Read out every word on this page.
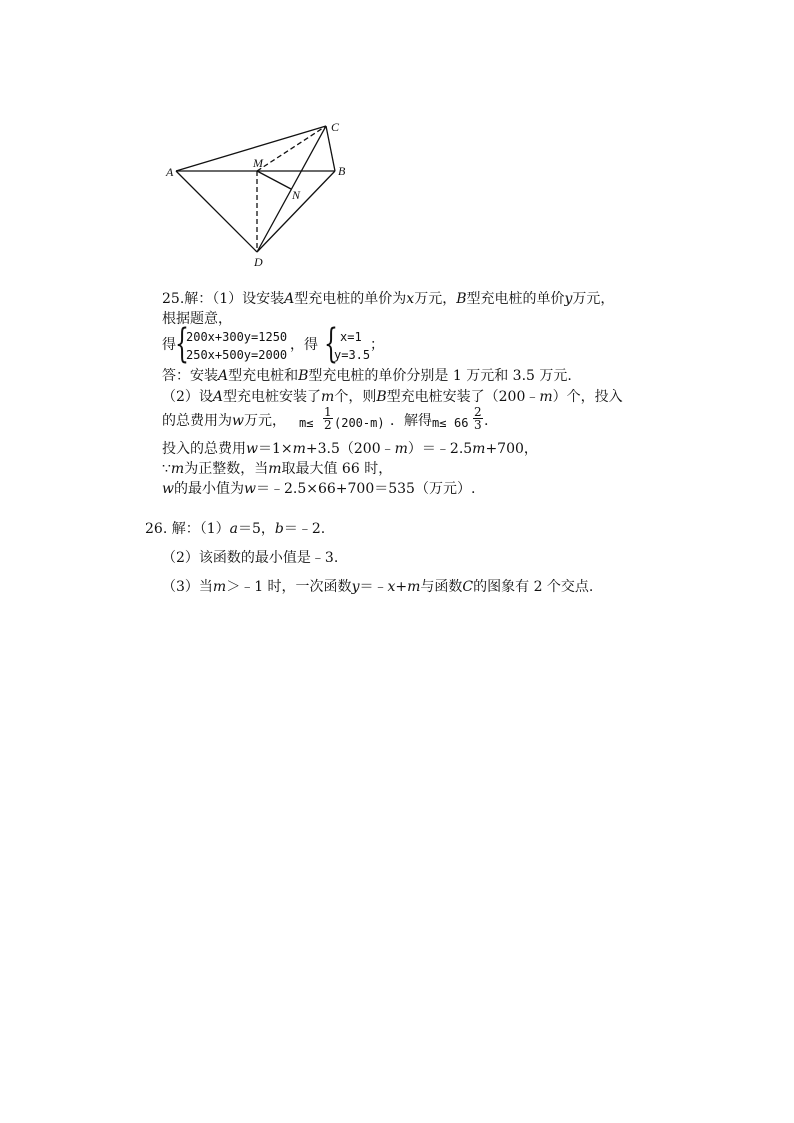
A	B
C
M
N
D
25.解：（1）设安装A型充电桩的单价为x万元，B型充电桩的单价y万元，
根据题意，
得 {
200x+300y=1250
250x+500y=2000
，得 { x=1
y=3.5
；
答：安装A型充电桩和B型充电桩的单价分别是 1 万元和 3.5 万元.
（2）设A型充电桩安装了m个，则B型充电桩安装了（200﹣m）个，投入
的总费用为w万元， $m\le \frac{1}{2} (200-m)$ ．解得 $m\le 66 \frac{2}{3}$ .
投入的总费用w＝1×m+3.5（200﹣m）＝﹣2.5m+700，
∵m为正整数，当m取最大值 66 时，
w的最小值为w＝﹣2.5×66+700＝535（万元）.
26. 解：（1）a＝5，b＝﹣2.
（2）该函数的最小值是﹣3.
（3）当m＞﹣1 时，一次函数y＝﹣x+m与函数C的图象有 2 个交点.
